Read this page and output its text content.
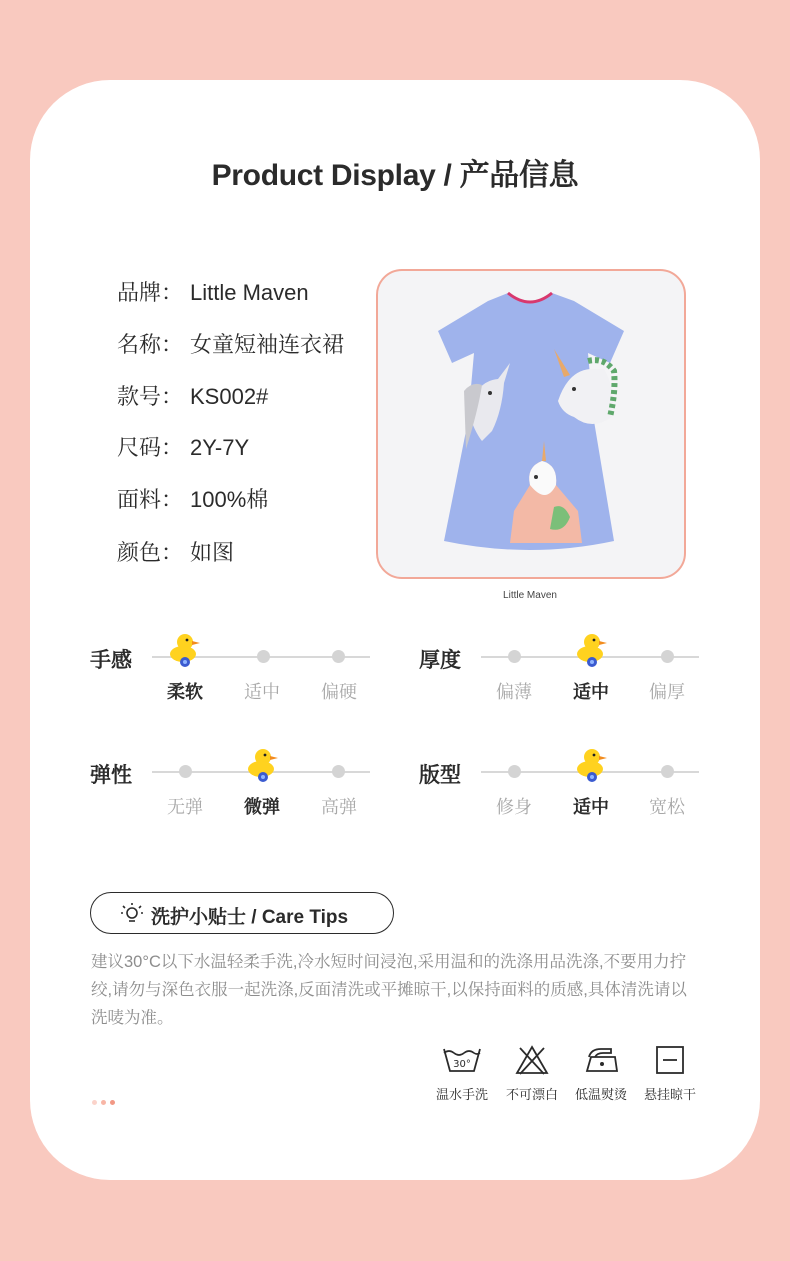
Product Display / 产品信息
品牌： Little Maven
名称： 女童短袖连衣裙
款号： KS002#
尺码： 2Y-7Y
面料： 100%棉
颜色： 如图
Little Maven
手感
柔软	适中	偏硬
厚度
偏薄	适中	偏厚
弹性
无弹	微弹	高弹
版型
修身	适中	宽松
洗护小贴士 / Care Tips
建议30°C以下水温轻柔手洗,冷水短时间浸泡,采用温和的洗涤用品洗涤,不要用力拧绞,请勿与深色衣服一起洗涤,反面清洗或平摊晾干,以保持面料的质感,具体清洗请以洗唛为准。
30°
温水手洗	不可漂白	低温熨烫	悬挂晾干
